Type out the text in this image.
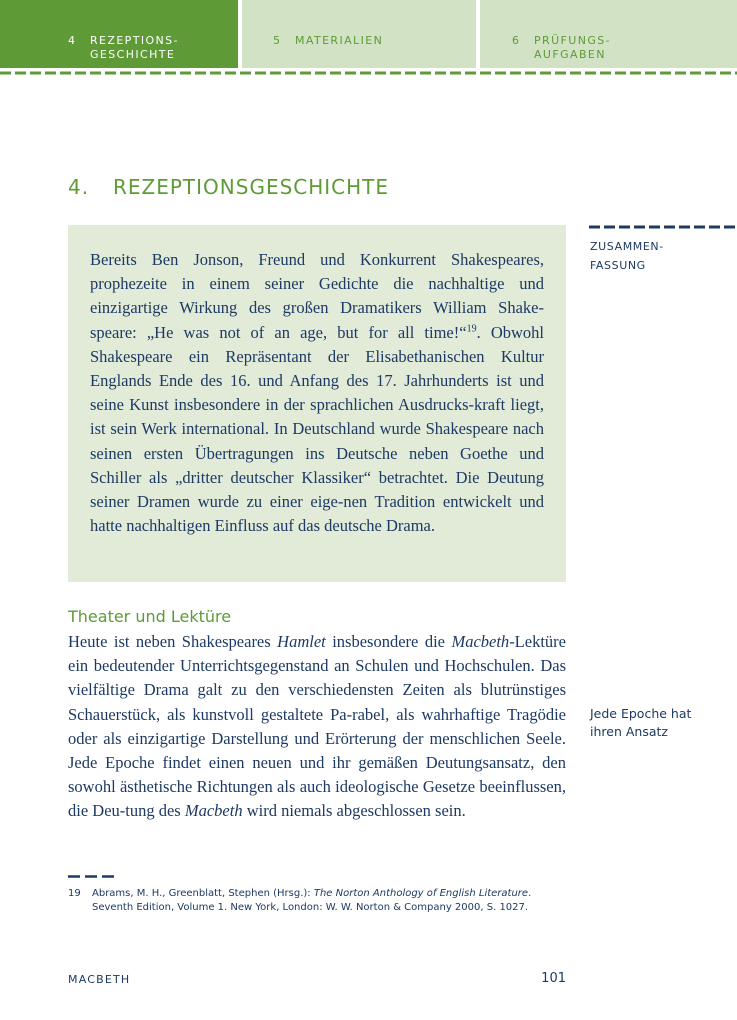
4	REZEPTIONS-
GESCHICHTE
5	MATERIALIEN	6	PRÜFUNGS-
AUFGABEN
4.	REZEPTIONSGESCHICHTE

Bereits Ben Jonson, Freund und Konkurrent Shakespeares, prophezeite in einem seiner Gedichte die nachhaltige und einzigartige Wirkung des großen Dramatikers William Shake-speare: „He was not of an age, but for all time!“$^{19}$. Obwohl Shakespeare ein Repräsentant der Elisabethanischen Kultur Englands Ende des 16. und Anfang des 17. Jahrhunderts ist und seine Kunst insbesondere in der sprachlichen Ausdrucks-kraft liegt, ist sein Werk international. In Deutschland wurde Shakespeare nach seinen ersten Übertragungen ins Deutsche neben Goethe und Schiller als „dritter deutscher Klassiker“ betrachtet. Die Deutung seiner Dramen wurde zu einer eige-nen Tradition entwickelt und hatte nachhaltigen Einfluss auf das deutsche Drama.

ZUSAMMEN-
FASSUNG
Theater und Lektüre

Heute ist neben Shakespeares Hamlet insbesondere die Macbeth-Lektüre ein bedeutender Unterrichtsgegenstand an Schulen und Hochschulen. Das vielfältige Drama galt zu den verschiedensten Zeiten als blutrünstiges Schauerstück, als kunstvoll gestaltete Pa-rabel, als wahrhaftige Tragödie oder als einzigartige Darstellung und Erörterung der menschlichen Seele. Jede Epoche findet einen neuen und ihr gemäßen Deutungsansatz, den sowohl ästhetische Richtungen als auch ideologische Gesetze beeinflussen, die Deu-tung des Macbeth wird niemals abgeschlossen sein.

Jede Epoche hat
ihren Ansatz
19	Abrams, M. H., Greenblatt, Stephen (Hrsg.): The Norton Anthology of English Literature. Seventh Edition, Volume 1. New York, London: W. W. Norton & Company 2000, S. 1027.
MACBETH	101
